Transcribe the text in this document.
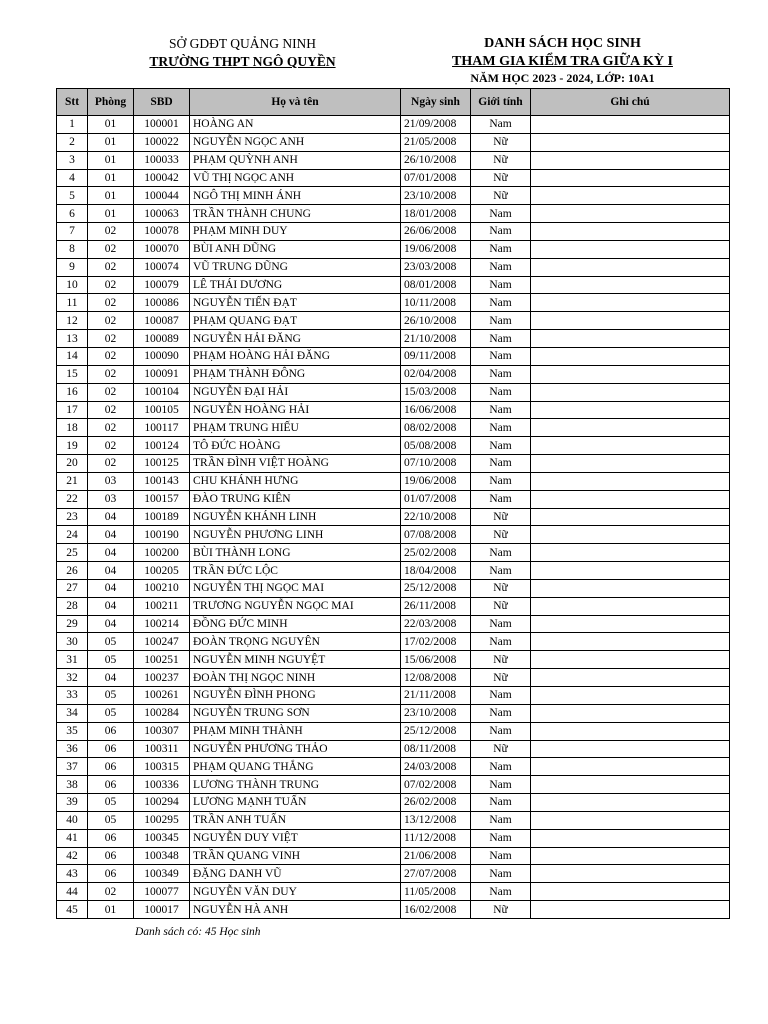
SỞ GDĐT QUẢNG NINH
TRƯỜNG THPT NGÔ QUYỀN
DANH SÁCH HỌC SINH
THAM GIA KIỂM TRA GIỮA KỲ I
NĂM HỌC 2023 - 2024, LỚP: 10A1
Stt	Phòng	SBD	Họ và tên	Ngày sinh	Giới tính	Ghi chú
1	01	100001	HOÀNG AN	21/09/2008	Nam	
2	01	100022	NGUYỄN NGỌC ANH	21/05/2008	Nữ	
3	01	100033	PHẠM QUỲNH ANH	26/10/2008	Nữ	
4	01	100042	VŨ THỊ NGỌC ANH	07/01/2008	Nữ	
5	01	100044	NGÔ THỊ MINH ÁNH	23/10/2008	Nữ	
6	01	100063	TRẦN THÀNH CHUNG	18/01/2008	Nam	
7	02	100078	PHẠM MINH DUY	26/06/2008	Nam	
8	02	100070	BÙI ANH DŨNG	19/06/2008	Nam	
9	02	100074	VŨ TRUNG DŨNG	23/03/2008	Nam	
10	02	100079	LÊ THÁI DƯƠNG	08/01/2008	Nam	
11	02	100086	NGUYỄN TIẾN ĐẠT	10/11/2008	Nam	
12	02	100087	PHẠM QUANG ĐẠT	26/10/2008	Nam	
13	02	100089	NGUYỄN HẢI ĐĂNG	21/10/2008	Nam	
14	02	100090	PHẠM HOÀNG HẢI ĐĂNG	09/11/2008	Nam	
15	02	100091	PHẠM THÀNH ĐÔNG	02/04/2008	Nam	
16	02	100104	NGUYỄN ĐẠI HẢI	15/03/2008	Nam	
17	02	100105	NGUYỄN HOÀNG HẢI	16/06/2008	Nam	
18	02	100117	PHẠM TRUNG HIẾU	08/02/2008	Nam	
19	02	100124	TÔ ĐỨC HOÀNG	05/08/2008	Nam	
20	02	100125	TRẦN ĐÌNH VIỆT HOÀNG	07/10/2008	Nam	
21	03	100143	CHU KHÁNH HƯNG	19/06/2008	Nam	
22	03	100157	ĐÀO TRUNG KIÊN	01/07/2008	Nam	
23	04	100189	NGUYỄN KHÁNH LINH	22/10/2008	Nữ	
24	04	100190	NGUYỄN PHƯƠNG LINH	07/08/2008	Nữ	
25	04	100200	BÙI THÀNH LONG	25/02/2008	Nam	
26	04	100205	TRẦN ĐỨC LỘC	18/04/2008	Nam	
27	04	100210	NGUYỄN THỊ NGỌC MAI	25/12/2008	Nữ	
28	04	100211	TRƯƠNG NGUYỄN NGỌC MAI	26/11/2008	Nữ	
29	04	100214	ĐỒNG ĐỨC MINH	22/03/2008	Nam	
30	05	100247	ĐOÀN TRỌNG NGUYÊN	17/02/2008	Nam	
31	05	100251	NGUYỄN MINH NGUYỆT	15/06/2008	Nữ	
32	04	100237	ĐOÀN THỊ NGỌC NINH	12/08/2008	Nữ	
33	05	100261	NGUYỄN ĐÌNH PHONG	21/11/2008	Nam	
34	05	100284	NGUYỄN TRUNG SƠN	23/10/2008	Nam	
35	06	100307	PHẠM MINH THÀNH	25/12/2008	Nam	
36	06	100311	NGUYỄN PHƯƠNG THẢO	08/11/2008	Nữ	
37	06	100315	PHẠM QUANG THẮNG	24/03/2008	Nam	
38	06	100336	LƯƠNG THÀNH TRUNG	07/02/2008	Nam	
39	05	100294	LƯƠNG MẠNH TUẤN	26/02/2008	Nam	
40	05	100295	TRẦN ANH TUẤN	13/12/2008	Nam	
41	06	100345	NGUYỄN DUY VIỆT	11/12/2008	Nam	
42	06	100348	TRẦN QUANG VINH	21/06/2008	Nam	
43	06	100349	ĐẶNG DANH VŨ	27/07/2008	Nam	
44	02	100077	NGUYỄN VĂN DUY	11/05/2008	Nam	
45	01	100017	NGUYỄN HÀ ANH	16/02/2008	Nữ	
Danh sách có: 45 Học sinh
